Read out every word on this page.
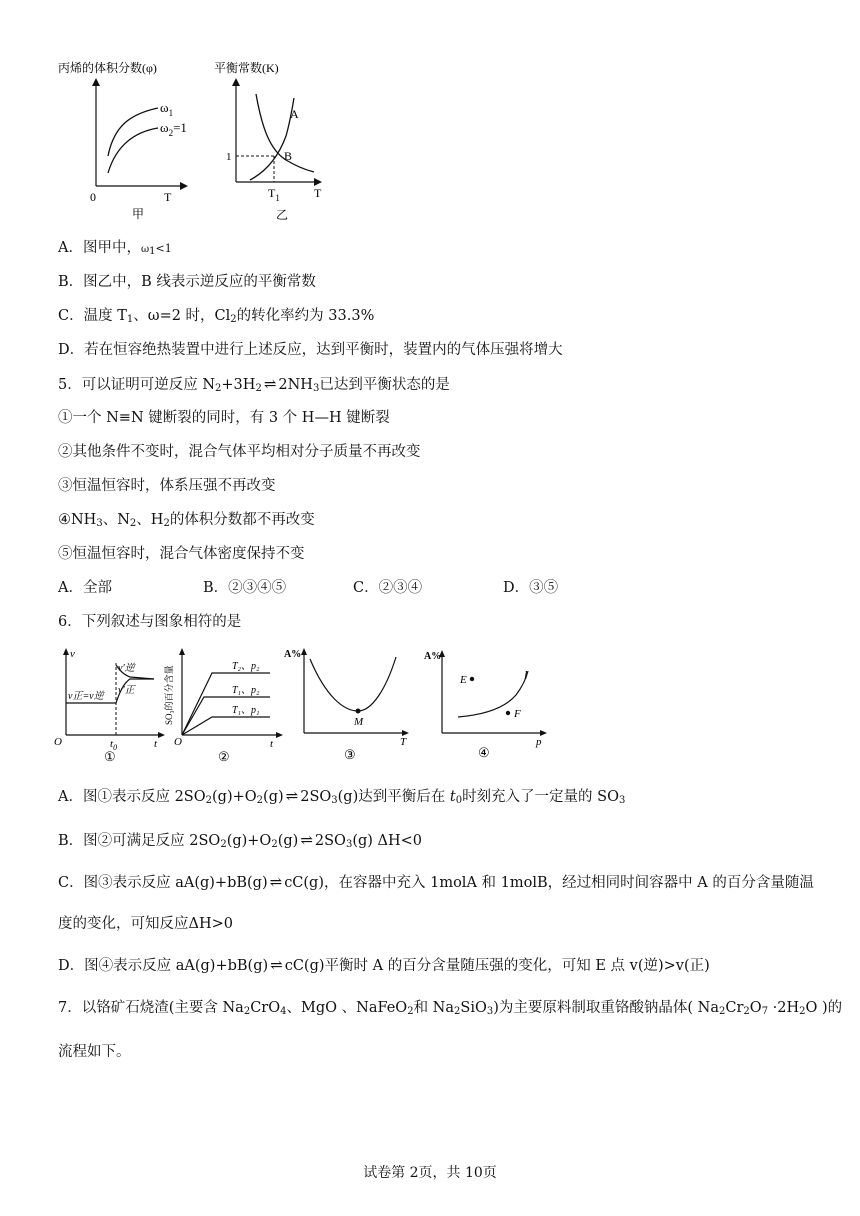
丙烯的体积分数(φ)
$\omega_1$
$\omega_2=1$
0	T
甲
平衡常数(K)
A
B
1
$T_1$	T
乙
A．图甲中，$\omega_1<1$
B．图乙中，B 线表示逆反应的平衡常数
C．温度 $T_1$、ω=2 时，$Cl_2$的转化率约为 33.3%
D．若在恒容绝热装置中进行上述反应，达到平衡时，装置内的气体压强将增大
5．可以证明可逆反应 $N_2+3H_2$ ⇌ $2NH_3$已达到平衡状态的是
①一个 N≡N 键断裂的同时，有 3 个 H—H 键断裂
②其他条件不变时，混合气体平均相对分子质量不再改变
③恒温恒容时，体系压强不再改变
$④NH_3$、$N_2$、$H_2$的体积分数都不再改变
⑤恒温恒容时，混合气体密度保持不变
A．全部	B．②③④⑤	C．②③④	D．③⑤
6．下列叙述与图象相符的是
v
v正=v逆
v′逆
v′正
O	$t_0$	t
①
SO₃的百分含量	T₂、p₂
T₁、p₂
T₁、p₁
O	t
②
A%
M
T
③
A%
E
F
l
p
④
A．图①表示反应 $2SO_2(g)+O_2(g)$ ⇌ $2SO_3(g)$达到平衡后在 $t_0$时刻充入了一定量的 $SO_3$
B．图②可满足反应 $2SO_2(g)+O_2(g)$ ⇌ $2SO_3(g)$ ΔH<0
C．图③表示反应 aA(g)+bB(g) ⇌ cC(g)，在容器中充入 1molA 和 1molB，经过相同时间容器中 A 的百分含量随温
度的变化，可知反应ΔH>0
D．图④表示反应 aA(g)+bB(g) ⇌ cC(g)平衡时 A 的百分含量随压强的变化，可知 E 点 v(逆)>v(正)
7．以铬矿石烧渣(主要含 $Na_2CrO_4$、MgO 、NaFeO$_2$和 $Na_2SiO_3$)为主要原料制取重铬酸钠晶体( $Na_2Cr_2O_7 \cdot 2H_2O$ )的
流程如下。
试卷第 2页，共 10页
